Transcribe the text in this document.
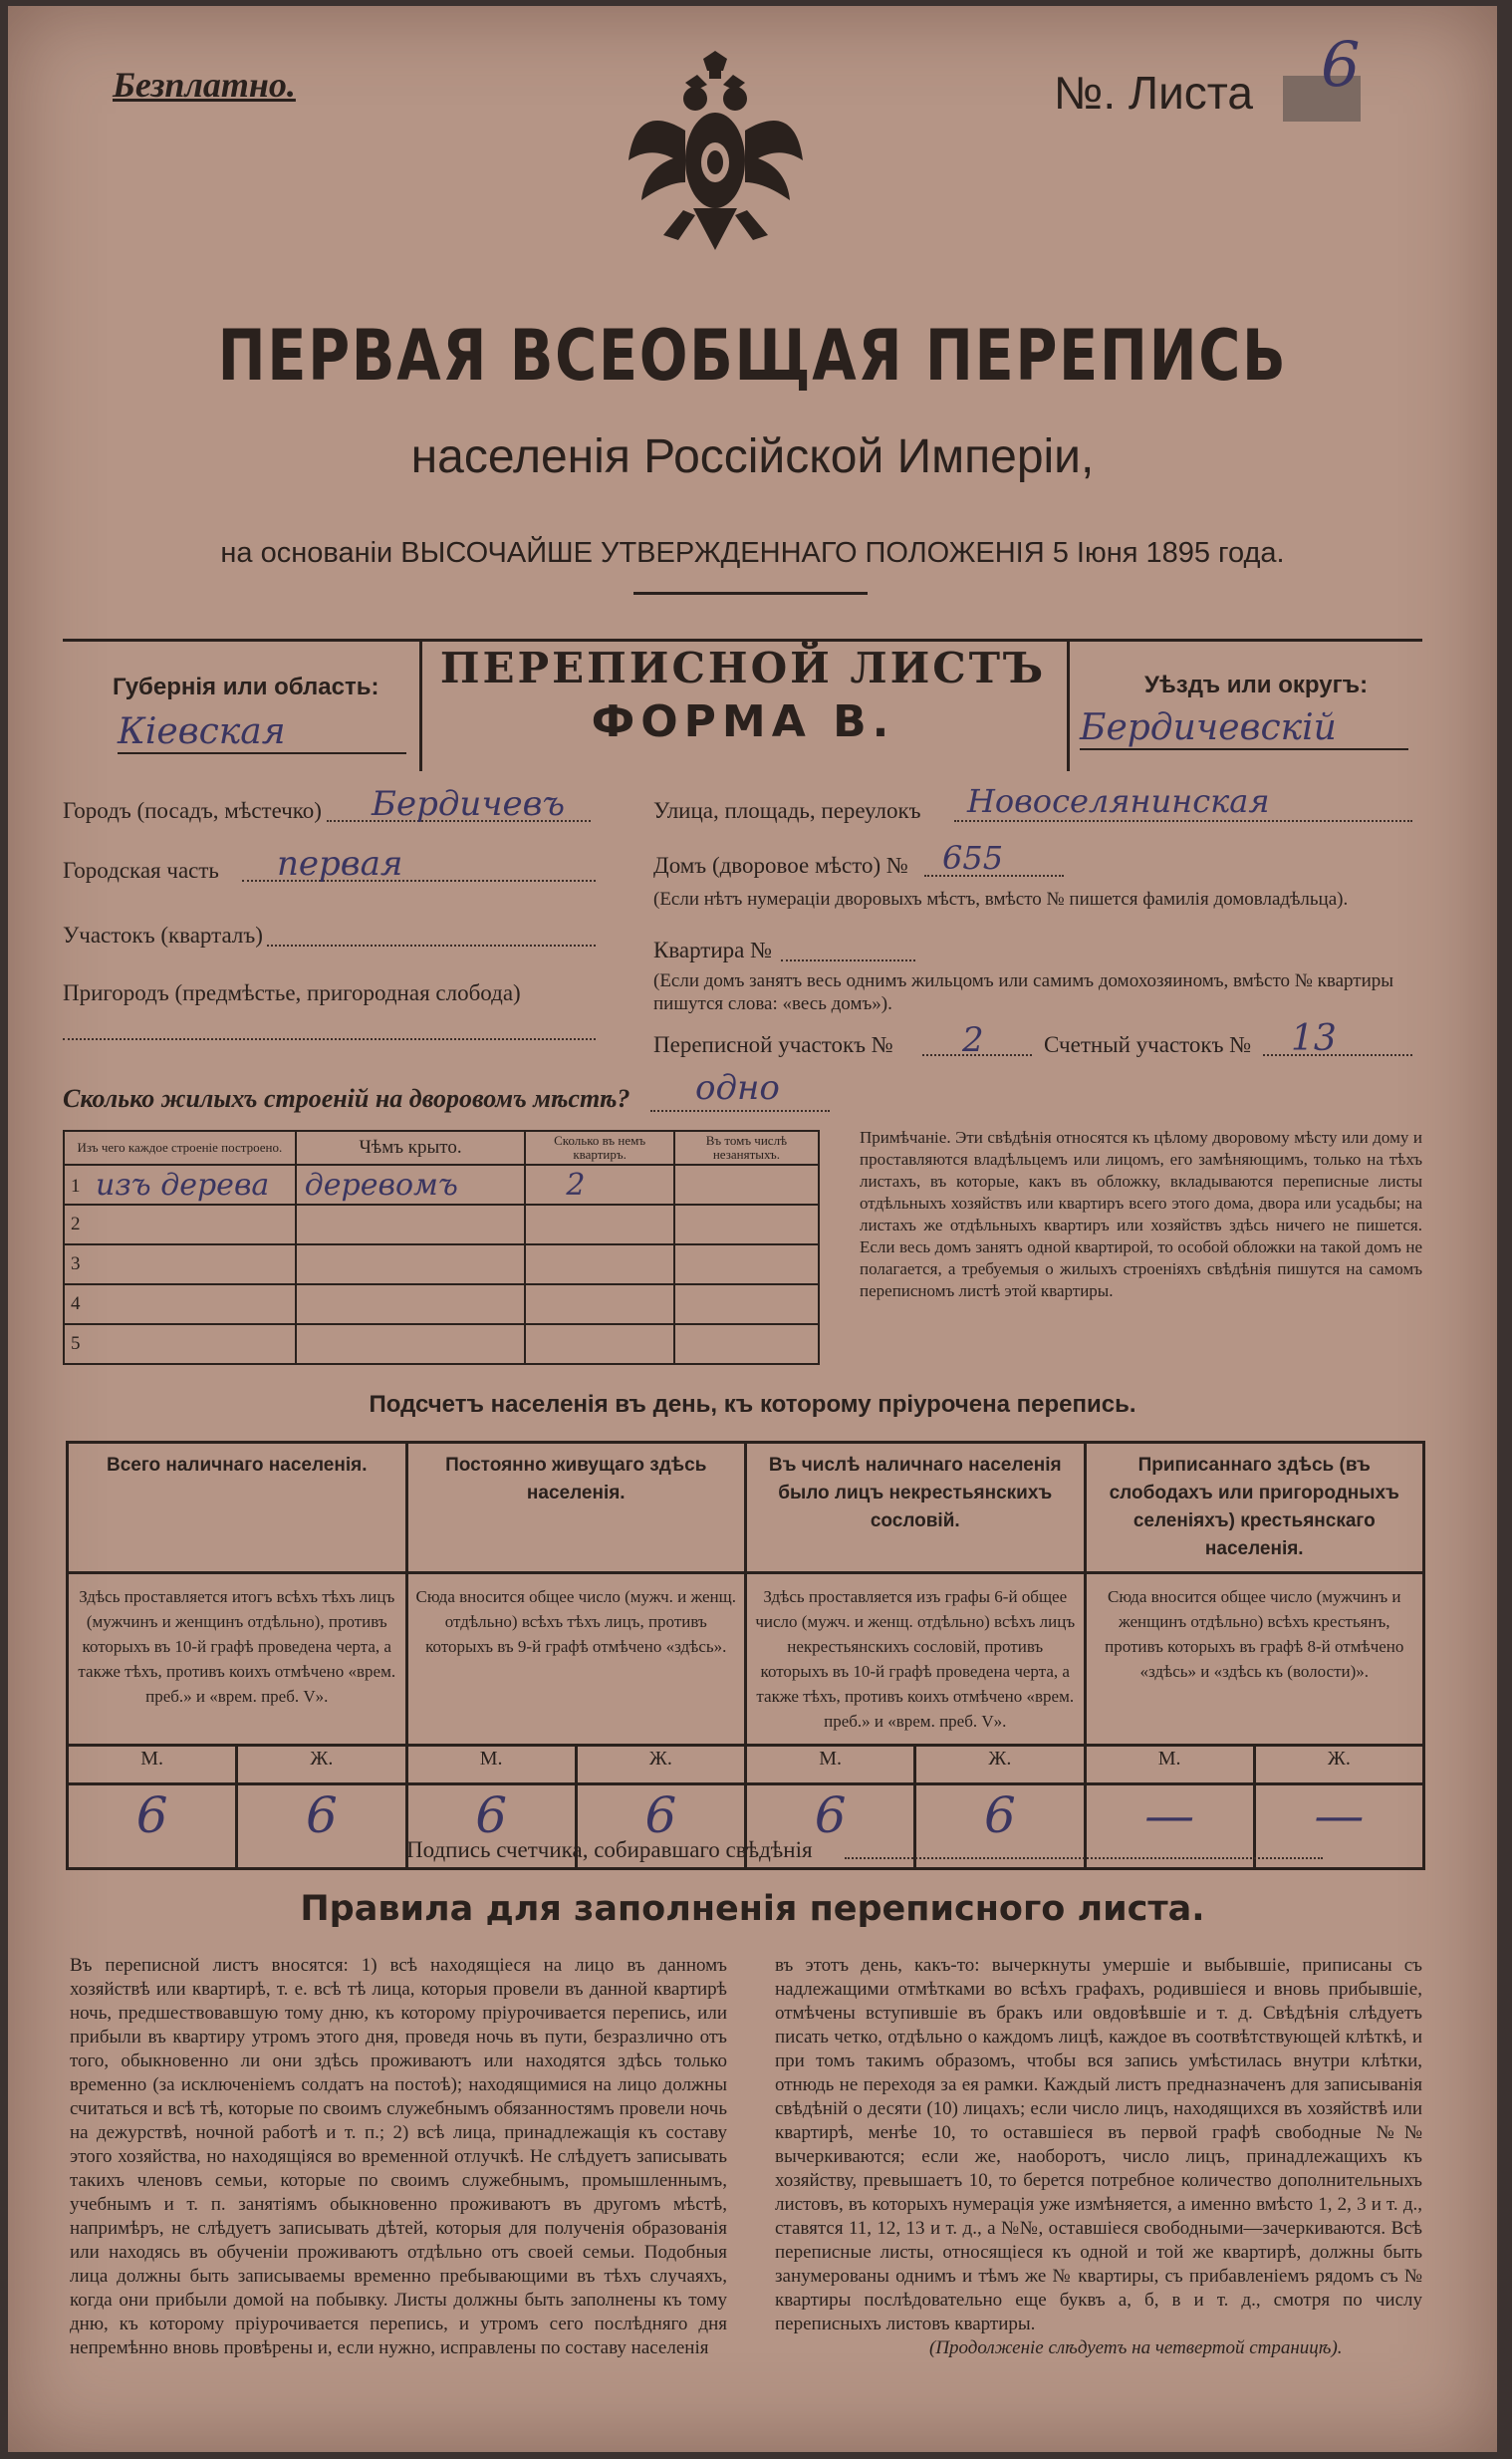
Безплатно.	№. Листа 6
ПЕРВАЯ ВСЕОБЩАЯ ПЕРЕПИСЬ
населенія Россійской Имперіи,
на основаніи ВЫСОЧАЙШЕ УТВЕРЖДЕННАГО ПОЛОЖЕНІЯ 5 Іюня 1895 года.
Губернія или область:
Кіевская
ПЕРЕПИСНОЙ ЛИСТЪ
ФОРМА В.
Уѣздъ или округъ:
Бердичевскій
Городъ (посадъ, мѣстечко) Бердичевъ
Городская часть первая
Участокъ (кварталъ)
Пригородъ (предмѣстье, пригородная слобода)
Улица, площадь, переулокъ Новоселянинская
Домъ (дворовое мѣсто) № 655
(Если нѣтъ нумераціи дворовыхъ мѣстъ, вмѣсто № пишется фамилія домовладѣльца).
Квартира №
(Если домъ занятъ весь однимъ жильцомъ или самимъ домохозяиномъ, вмѣсто № квартиры пишутся слова: «весь домъ»).
Переписной участокъ № 2	Счетный участокъ № 13
Сколько жилыхъ строеній на дворовомъ мѣстѣ? одно
Изъ чего каждое строеніе построено.	Чѣмъ крыто.	Сколько въ немъ квартиръ.	Въ томъ числѣ незанятыхъ.

1 изъ дерева	деревомъ	2	
2			
3			
4			
5			
Примѣчаніе. Эти свѣдѣнія относятся къ цѣлому дворовому мѣсту или дому и проставляются владѣльцемъ или лицомъ, его замѣняющимъ, только на тѣхъ листахъ, въ которые, какъ въ обложку, вкладываются переписные листы отдѣльныхъ хозяйствъ или квартиръ всего этого дома, двора или усадьбы; на листахъ же отдѣльныхъ квартиръ или хозяйствъ здѣсь ничего не пишется. Если весь домъ занятъ одной квартирой, то особой обложки на такой домъ не полагается, а требуемыя о жилыхъ строеніяхъ свѣдѣнія пишутся на самомъ переписномъ листѣ этой квартиры.
Подсчетъ населенія въ день, къ которому пріурочена перепись.
Всего наличнаго населенія.		Постоянно живущаго здѣсь населенія.		Въ числѣ наличнаго населенія было лицъ некрестьянскихъ сословій.		Приписаннаго здѣсь (въ слободахъ или пригородныхъ селеніяхъ) крестьянскаго населенія.	
Здѣсь проставляется итогъ всѣхъ тѣхъ лицъ (мужчинъ и женщинъ отдѣльно), противъ которыхъ въ 10-й графѣ проведена черта, а также тѣхъ, противъ коихъ отмѣчено «врем. преб.» и «врем. преб. V».		Сюда вносится общее число (мужч. и женщ. отдѣльно) всѣхъ тѣхъ лицъ, противъ которыхъ въ 9-й графѣ отмѣчено «здѣсь».		Здѣсь проставляется изъ графы 6-й общее число (мужч. и женщ. отдѣльно) всѣхъ лицъ некрестьянскихъ сословій, противъ которыхъ въ 10-й графѣ проведена черта, а также тѣхъ, противъ коихъ отмѣчено «врем. преб.» и «врем. преб. V».		Сюда вносится общее число (мужчинъ и женщинъ отдѣльно) всѣхъ крестьянъ, противъ которыхъ въ графѣ 8-й отмѣчено «здѣсь» и «здѣсь къ (волости)».	
М.	Ж.	М.	Ж.	М.	Ж.	М.	Ж.
6	6	6	6	6	6	—	—
Подпись счетчика, собиравшаго свѣдѣнія
Правила для заполненія переписного листа.
Въ переписной листъ вносятся: 1) всѣ находящіеся на лицо въ данномъ хозяйствѣ или квартирѣ, т. е. всѣ тѣ лица, которыя провели въ данной квартирѣ ночь, предшествовавшую тому дню, къ которому пріурочивается перепись, или прибыли въ квартиру утромъ этого дня, проведя ночь въ пути, безразлично отъ того, обыкновенно ли они здѣсь проживаютъ или находятся здѣсь только временно (за исключеніемъ солдатъ на постоѣ); находящимися на лицо должны считаться и всѣ тѣ, которые по своимъ служебнымъ обязанностямъ провели ночь на дежурствѣ, ночной работѣ и т. п.; 2) всѣ лица, принадлежащія къ составу этого хозяйства, но находящіяся во временной отлучкѣ. Не слѣдуетъ записывать такихъ членовъ семьи, которые по своимъ служебнымъ, промышленнымъ, учебнымъ и т. п. занятіямъ обыкновенно проживаютъ въ другомъ мѣстѣ, напримѣръ, не слѣдуетъ записывать дѣтей, которыя для полученія образованія или находясь въ обученіи проживаютъ отдѣльно отъ своей семьи. Подобныя лица должны быть записываемы временно пребывающими въ тѣхъ случаяхъ, когда они прибыли домой на побывку. Листы должны быть заполнены къ тому дню, къ которому пріурочивается перепись, и утромъ сего послѣдняго дня непремѣнно вновь провѣрены и, если нужно, исправлены по составу населенія
въ этотъ день, какъ-то: вычеркнуты умершіе и выбывшіе, приписаны съ надлежащими отмѣтками во всѣхъ графахъ, родившіеся и вновь прибывшіе, отмѣчены вступившіе въ бракъ или овдовѣвшіе и т. д. Свѣдѣнія слѣдуетъ писать четко, отдѣльно о каждомъ лицѣ, каждое въ соотвѣтствующей клѣткѣ, и при томъ такимъ образомъ, чтобы вся запись умѣстилась внутри клѣтки, отнюдь не переходя за ея рамки. Каждый листъ предназначенъ для записыванія свѣдѣній о десяти (10) лицахъ; если число лицъ, находящихся въ хозяйствѣ или квартирѣ, менѣе 10, то оставшіеся въ первой графѣ свободные №№ вычеркиваются; если же, наоборотъ, число лицъ, принадлежащихъ къ хозяйству, превышаетъ 10, то берется потребное количество дополнительныхъ листовъ, въ которыхъ нумерація уже измѣняется, а именно вмѣсто 1, 2, 3 и т. д., ставятся 11, 12, 13 и т. д., а №№, оставшіеся свободными—зачеркиваются. Всѣ переписные листы, относящіеся къ одной и той же квартирѣ, должны быть занумерованы однимъ и тѣмъ же № квартиры, съ прибавленіемъ рядомъ съ № квартиры послѣдовательно еще буквъ а, б, в и т. д., смотря по числу переписныхъ листовъ квартиры.
(Продолженіе слѣдуетъ на четвертой страницѣ).
